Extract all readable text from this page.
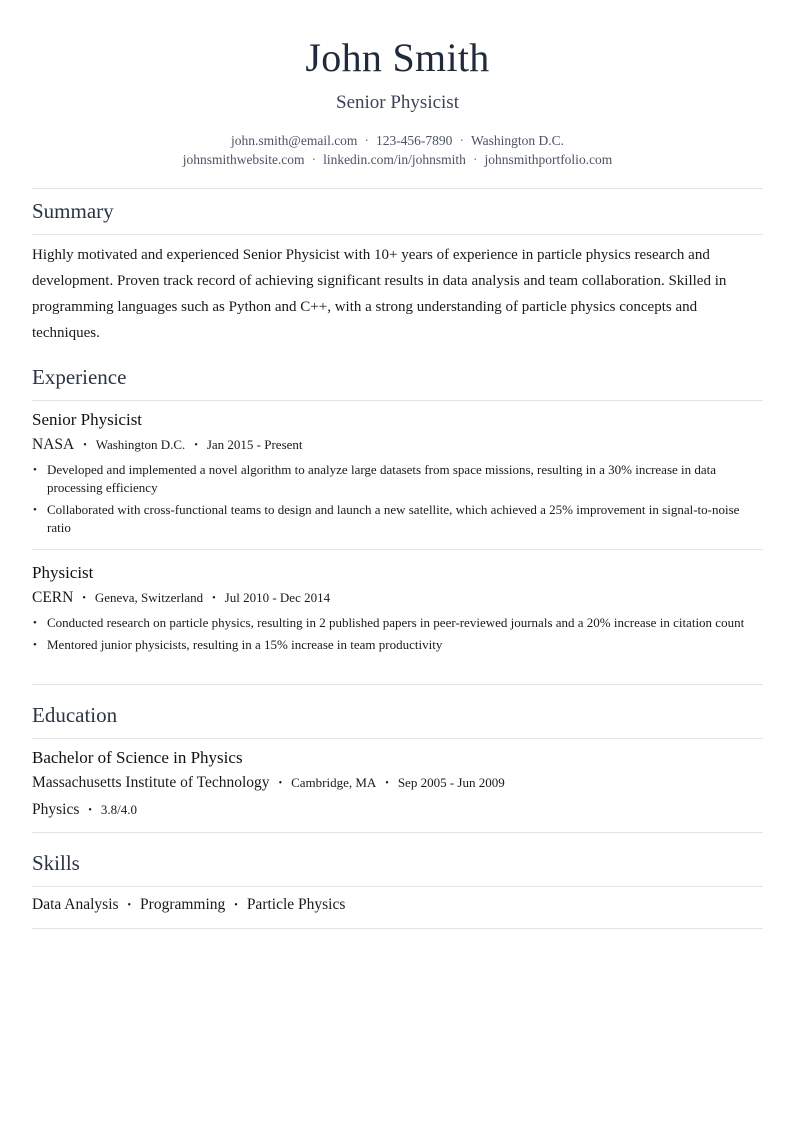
John Smith
Senior Physicist
john.smith@email.com · 123-456-7890 · Washington D.C.
johnsmithwebsite.com · linkedin.com/in/johnsmith · johnsmithportfolio.com
Summary

Highly motivated and experienced Senior Physicist with 10+ years of experience in particle physics research and development. Proven track record of achieving significant results in data analysis and team collaboration. Skilled in programming languages such as Python and C++, with a strong understanding of particle physics concepts and techniques.

Experience
Senior Physicist
NASA • Washington D.C. • Jan 2015 - Present
• Developed and implemented a novel algorithm to analyze large datasets from space missions, resulting in a 30% increase in data processing efficiency
• Collaborated with cross-functional teams to design and launch a new satellite, which achieved a 25% improvement in signal-to-noise ratio
Physicist
CERN • Geneva, Switzerland • Jul 2010 - Dec 2014
• Conducted research on particle physics, resulting in 2 published papers in peer-reviewed journals and a 20% increase in citation count
• Mentored junior physicists, resulting in a 15% increase in team productivity
Education
Bachelor of Science in Physics
Massachusetts Institute of Technology • Cambridge, MA • Sep 2005 - Jun 2009
Physics • 3.8/4.0
Skills
Data Analysis • Programming • Particle Physics
